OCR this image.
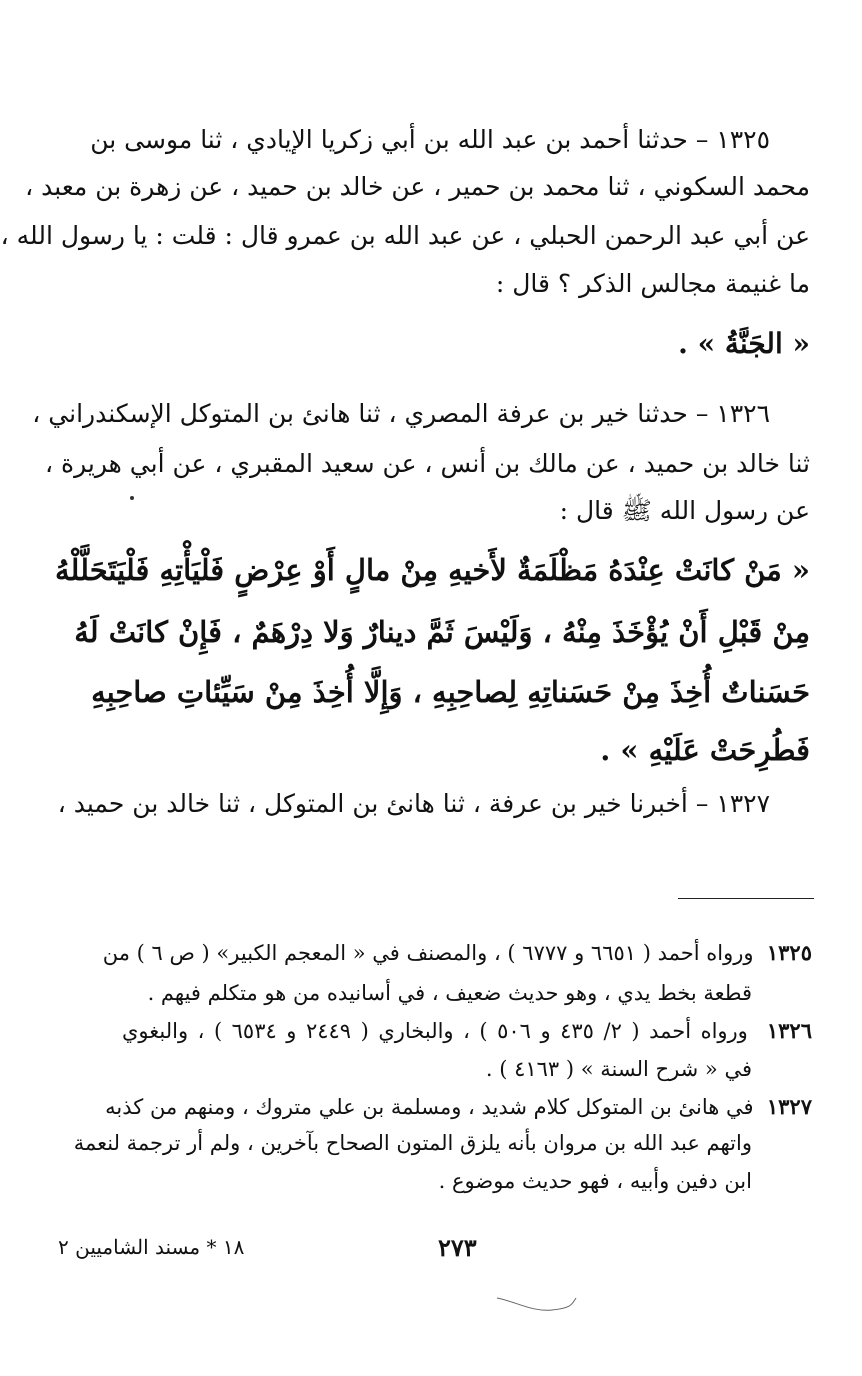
١٣٢٥ – حدثنا أحمد بن عبد الله بن أبي زكريا الإيادي ، ثنا موسى بن
محمد السكوني ، ثنا محمد بن حمير ، عن خالد بن حميد ، عن زهرة بن معبد ،
عن أبي عبد الرحمن الحبلي ، عن عبد الله بن عمرو قال : قلت : يا رسول الله ،
ما غنيمة مجالس الذكر ؟ قال :
« الجَنَّةُ » .
١٣٢٦ – حدثنا خير بن عرفة المصري ، ثنا هانئ بن المتوكل الإسكندراني ،
ثنا خالد بن حميد ، عن مالك بن أنس ، عن سعيد المقبري ، عن أبي هريرة ،
عن رسول الله ﷺ قال :
« مَنْ كانَتْ عِنْدَهُ مَظْلَمَةٌ لأَخيهِ مِنْ مالٍ أَوْ عِرْضٍ فَلْيَأْتِهِ فَلْيَتَحَلَّلْهُ
مِنْ قَبْلِ أَنْ يُؤْخَذَ مِنْهُ ، وَلَيْسَ ثَمَّ دينارٌ وَلا دِرْهَمٌ ، فَإِنْ كانَتْ لَهُ
حَسَناتٌ أُخِذَ مِنْ حَسَناتِهِ لِصاحِبِهِ ، وَإِلَّا أُخِذَ مِنْ سَيِّئاتِ صاحِبِهِ
فَطُرِحَتْ عَلَيْهِ » .
١٣٢٧ – أخبرنا خير بن عرفة ، ثنا هانئ بن المتوكل ، ثنا خالد بن حميد ،
١٣٢٥  ورواه أحمد ( ٦٦٥١ و ٦٧٧٧ ) ، والمصنف في « المعجم الكبير» ( ص ٦ ) من
قطعة بخط يدي ، وهو حديث ضعيف ، في أسانيده من هو متكلم فيهم .
١٣٢٦  ورواه أحمد ( ٢/ ٤٣٥ و ٥٠٦ ) ، والبخاري ( ٢٤٤٩ و ٦٥٣٤ ) ، والبغوي
في « شرح السنة » ( ٤١٦٣ ) .
١٣٢٧  في هانئ بن المتوكل كلام شديد ، ومسلمة بن علي متروك ، ومنهم من كذبه
واتهم عبد الله بن مروان بأنه يلزق المتون الصحاح بآخرين ، ولم أر ترجمة لنعمة
ابن دفين وأبيه ، فهو حديث موضوع .
٢٧٣
١٨ * مسند الشاميين ٢
